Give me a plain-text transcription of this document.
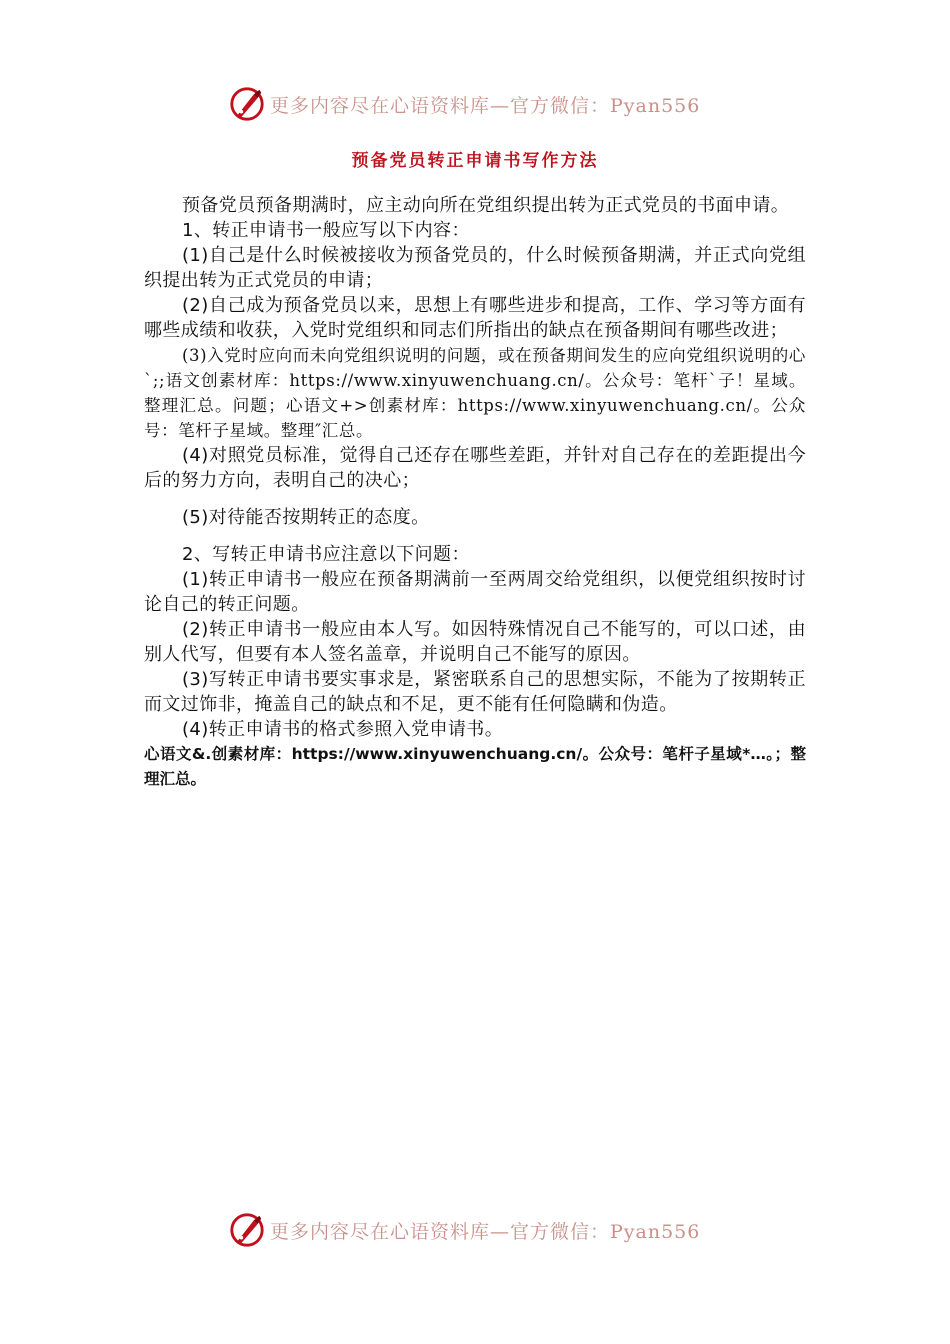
更多内容尽在心语资料库—官方微信：Pyan556
预备党员转正申请书写作方法

预备党员预备期满时，应主动向所在党组织提出转为正式党员的书面申请。

1、转正申请书一般应写以下内容：

(1)自己是什么时候被接收为预备党员的，什么时候预备期满，并正式向党组织提出转为正式党员的申请；

(2)自己成为预备党员以来，思想上有哪些进步和提高，工作、学习等方面有哪些成绩和收获，入党时党组织和同志们所指出的缺点在预备期间有哪些改进；

(3)入党时应向而未向党组织说明的问题，或在预备期间发生的应向党组织说明的心`;;语文创素材库：https://www.xinyuwenchuang.cn/。公众号：笔杆`子！星域。整理汇总。问题；心语文+>创素材库：https://www.xinyuwenchuang.cn/。公众号：笔杆子星域。整理″汇总。

(4)对照党员标准，觉得自己还存在哪些差距，并针对自己存在的差距提出今后的努力方向，表明自己的决心；

(5)对待能否按期转正的态度。

2、写转正申请书应注意以下问题：

(1)转正申请书一般应在预备期满前一至两周交给党组织，以便党组织按时讨论自己的转正问题。

(2)转正申请书一般应由本人写。如因特殊情况自己不能写的，可以口述，由别人代写，但要有本人签名盖章，并说明自己不能写的原因。

(3)写转正申请书要实事求是，紧密联系自己的思想实际，不能为了按期转正而文过饰非，掩盖自己的缺点和不足，更不能有任何隐瞒和伪造。

(4)转正申请书的格式参照入党申请书。

心语文&.创素材库：https://www.xinyuwenchuang.cn/。公众号：笔杆子星域*…。；整理汇总。

更多内容尽在心语资料库—官方微信：Pyan556
